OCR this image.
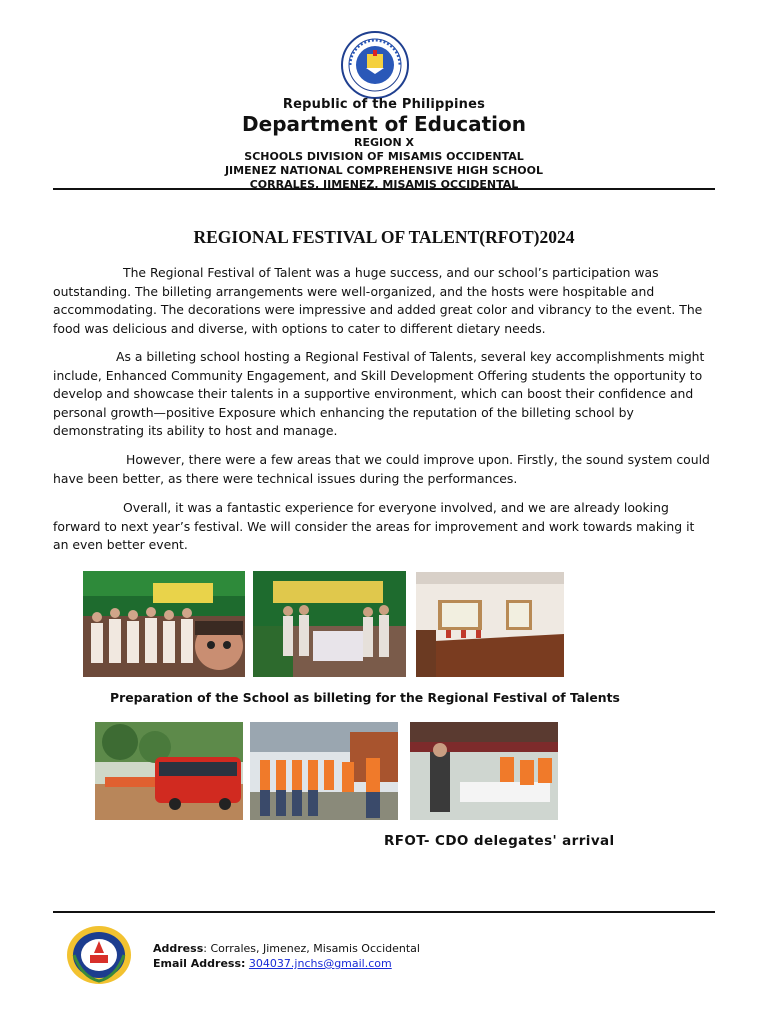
Republic of the Philippines
Department of Education
REGION X
SCHOOLS DIVISION OF MISAMIS OCCIDENTAL
JIMENEZ NATIONAL COMPREHENSIVE HIGH SCHOOL
CORRALES, JIMENEZ, MISAMIS OCCIDENTAL
REGIONAL FESTIVAL OF TALENT(RFOT)2024

The Regional Festival of Talent was a huge success, and our school’s participation was outstanding. The billeting arrangements were well-organized, and the hosts were hospitable and accommodating. The decorations were impressive and added great color and vibrancy to the event. The food was delicious and diverse, with options to cater to different dietary needs.

As a billeting school hosting a Regional Festival of Talents, several key accomplishments might include, Enhanced Community Engagement, and Skill Development Offering students the opportunity to develop and showcase their talents in a supportive environment, which can boost their confidence and personal growth—positive Exposure which enhancing the reputation of the billeting school by demonstrating its ability to host and manage.

However, there were a few areas that we could improve upon. Firstly, the sound system could have been better, as there were technical issues during the performances.

Overall, it was a fantastic experience for everyone involved, and we are already looking forward to next year’s festival. We will consider the areas for improvement and work towards making it an even better event.

Preparation of the School as billeting for the Regional Festival of Talents
RFOT- CDO delegates' arrival
Address: Corrales, Jimenez, Misamis Occidental
Email Address: 304037.jnchs@gmail.com
